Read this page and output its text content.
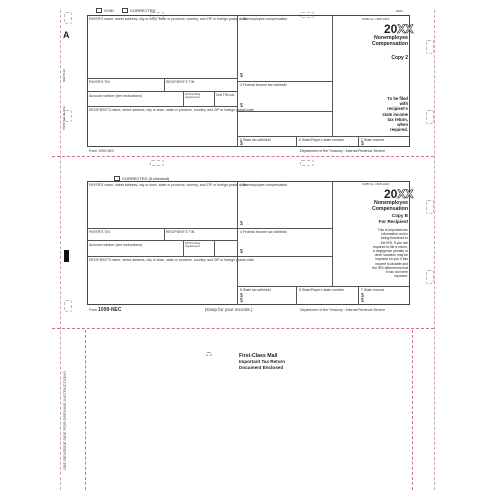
6900
A
NEC5110
PRINTED IN USA
SEE REVERSE SIDE FOR OPENING INSTRUCTIONS
VOID	CORRECTED
PAYER'S name, street address, city or town, state or province, country, and ZIP or foreign postal code
PAYER'S TIN	RECIPIENT'S TIN
Account number (see instructions)	FATCA filing requirement	2nd TIN not.
RECIPIENT'S name, street address, city or town, state or province, country, and ZIP or foreign postal code
1 Nonemployee compensation
$
4 Federal income tax withheld
$
5 State tax withheld	6 State/Payer's state number	7 State income
$	$
OMB No. 1545-0116
20XX
Nonemployee
Compensation
Copy 2
To be filed
with
recipient's
state income
tax return,
when
required.
Form 1099-NEC	Department of the Treasury - Internal Revenue Service
CORRECTED (if checked)
PAYER'S name, street address, city or town, state or province, country, and ZIP or foreign postal code
PAYER'S TIN	RECIPIENT'S TIN
Account number (see instructions)	FATCA filing requirement
RECIPIENT'S name, street address, city or town, state or province, country, and ZIP or foreign postal code
1 Nonemployee compensation
$
4 Federal income tax withheld
$
5 State tax withheld	6 State/Payer's state number	7 State income
$
$
$
$
OMB No. 1545-0116
20XX
Nonemployee
Compensation
Copy B
For Recipient
This is important tax
information and is
being furnished to
the IRS. If you are
required to file a return,
a negligence penalty or
other sanction may be
imposed on you if this
income is taxable and
the IRS determines that
it has not been
reported.
Form 1099-NEC	(Keep for your records.)	Department of the Treasury - Internal Revenue Service
First-Class Mail
Important Tax Return
Document Enclosed
